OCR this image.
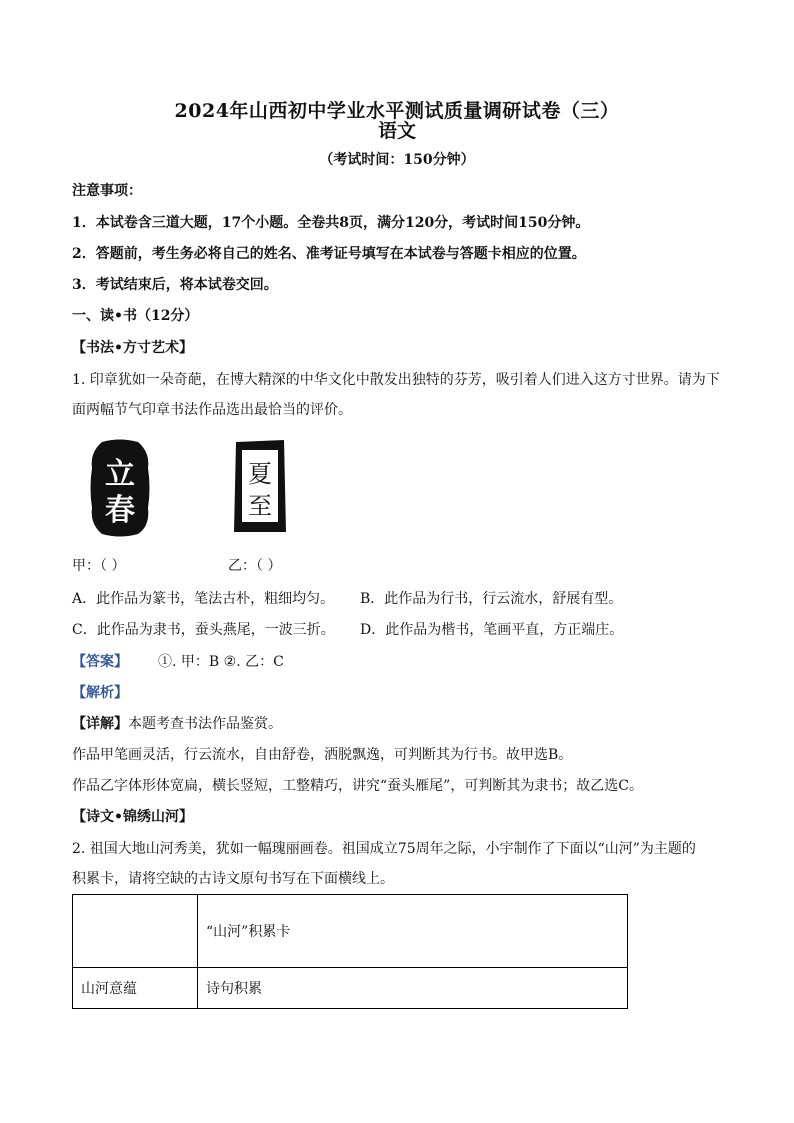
2024年山西初中学业水平测试质量调研试卷（三）
语文
（考试时间：150分钟）
注意事项：
1．本试卷含三道大题，17个小题。全卷共8页，满分120分，考试时间150分钟。
2．答题前，考生务必将自己的姓名、准考证号填写在本试卷与答题卡相应的位置。
3．考试结束后，将本试卷交回。
一、读•书（12分）
【书法•方寸艺术】
1. 印章犹如一朵奇葩，在博大精深的中华文化中散发出独特的芬芳，吸引着人们进入这方寸世界。请为下
面两幅节气印章书法作品选出最恰当的评价。
立
春
夏
至
甲：（ ）	乙：（ ）
A．此作品为篆书，笔法古朴，粗细均匀。 B．此作品为行书，行云流水，舒展有型。
C．此作品为隶书，蚕头燕尾，一波三折。 D．此作品为楷书，笔画平直，方正端庄。
【答案】 ①. 甲：B ②. 乙：C
【解析】
【详解】本题考查书法作品鉴赏。
作品甲笔画灵活，行云流水，自由舒卷，洒脱飘逸，可判断其为行书。故甲选B。
作品乙字体形体宽扁，横长竖短，工整精巧，讲究“蚕头雁尾”，可判断其为隶书；故乙选C。
【诗文•锦绣山河】
2. 祖国大地山河秀美，犹如一幅瑰丽画卷。祖国成立75周年之际，小宇制作了下面以“山河”为主题的
积累卡，请将空缺的古诗文原句书写在下面横线上。
	“山河”积累卡
山河意蕴	诗句积累
